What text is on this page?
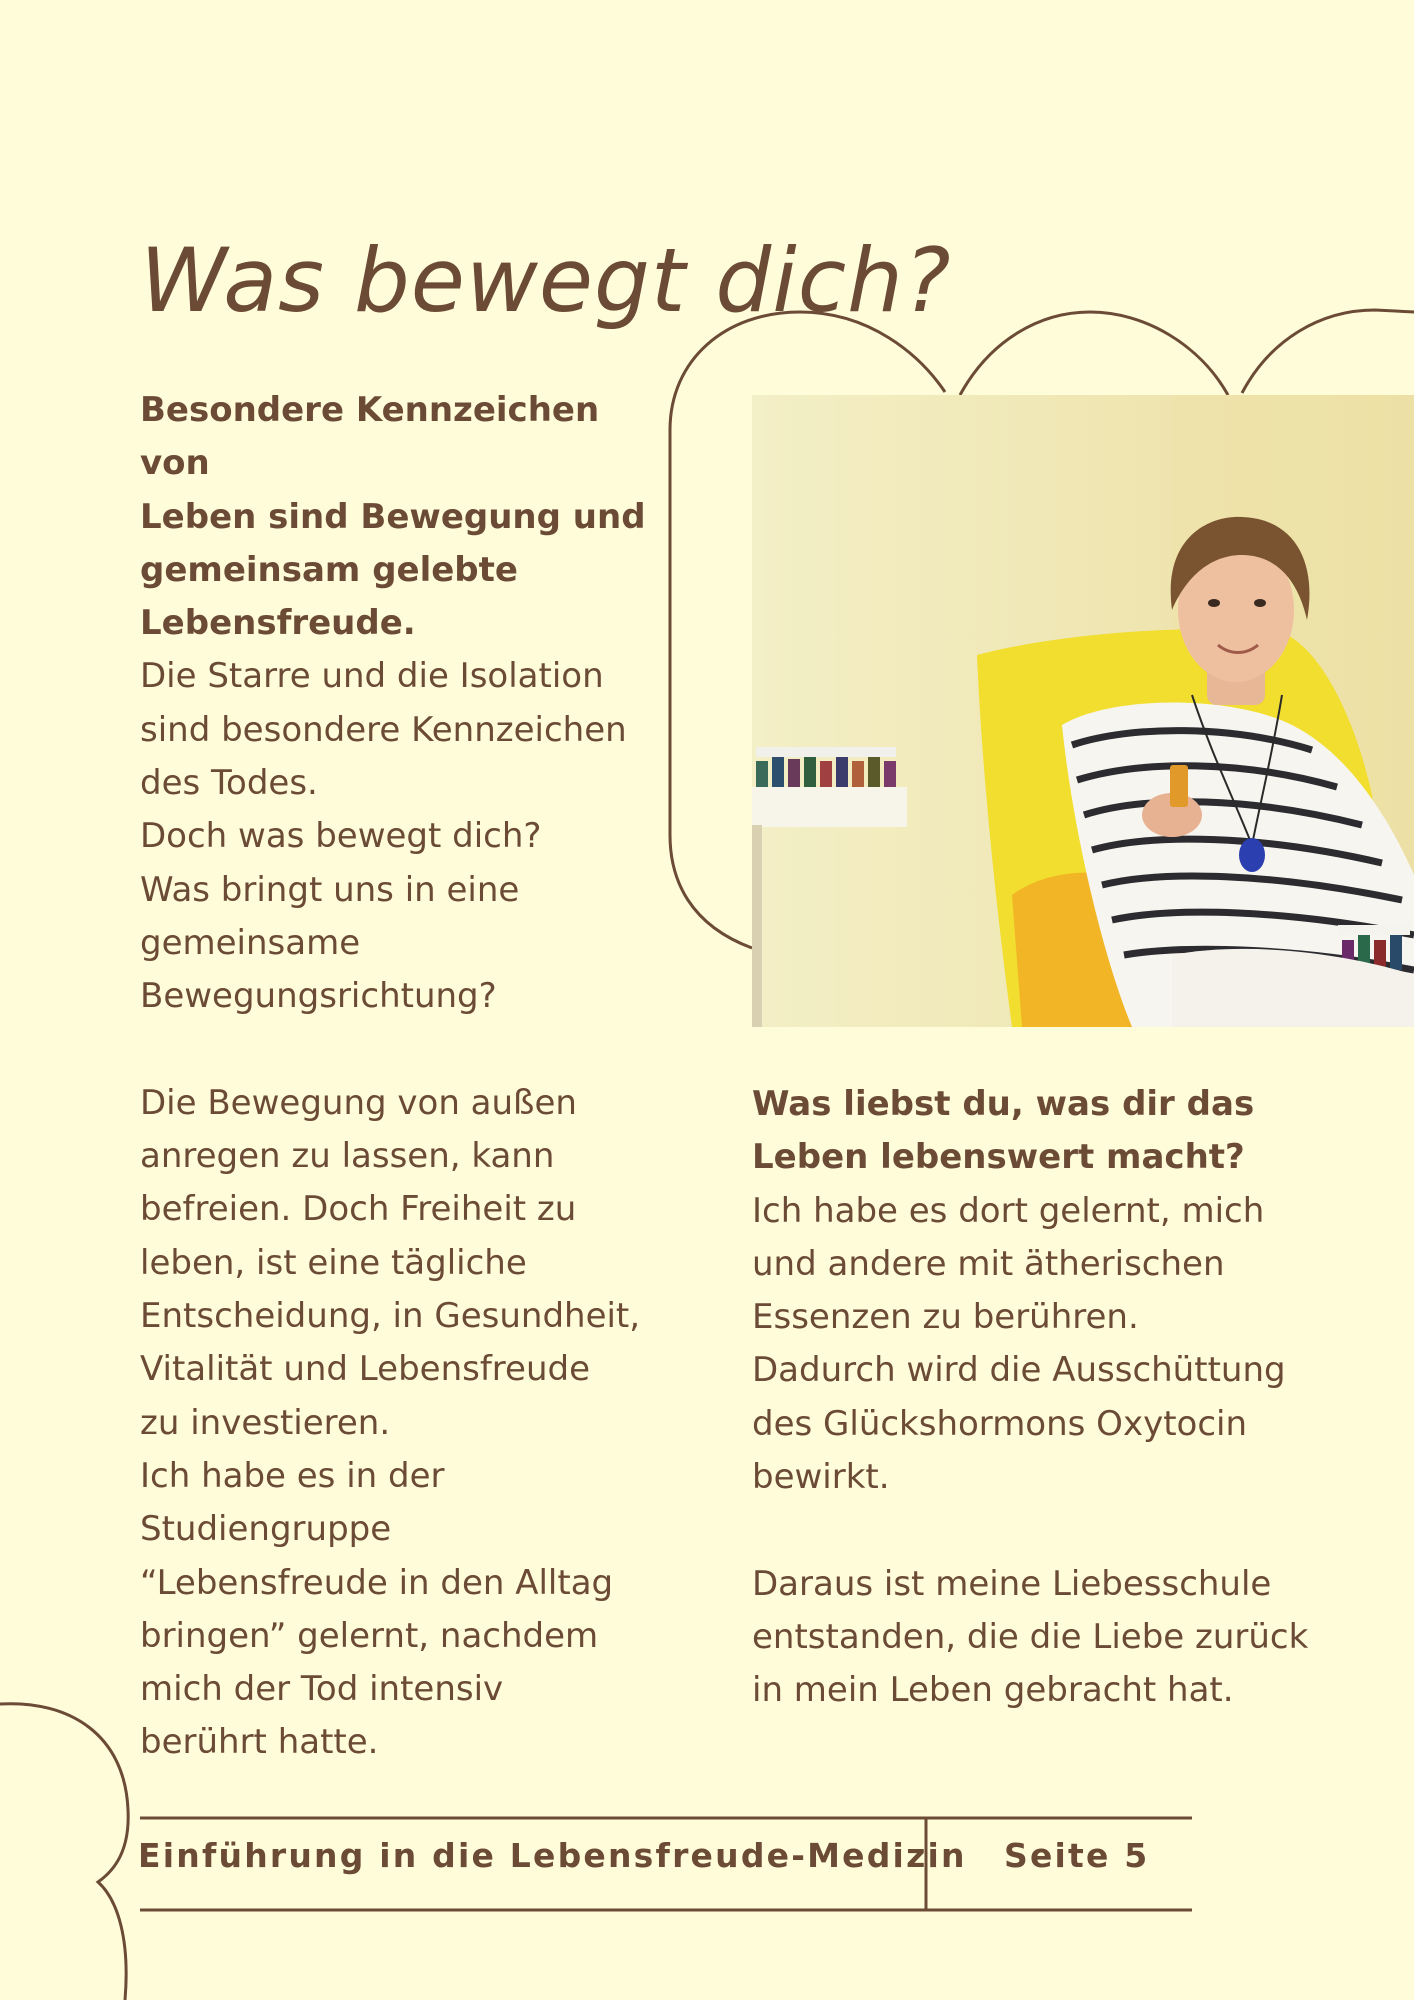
Was bewegt dich?

Besondere Kennzeichen von

Leben sind Bewegung und

gemeinsam gelebte

Lebensfreude.

Die Starre und die Isolation

sind besondere Kennzeichen

des Todes.

Doch was bewegt dich?

Was bringt uns in eine

gemeinsame

Bewegungsrichtung?

Die Bewegung von außen

anregen zu lassen, kann

befreien. Doch Freiheit zu

leben, ist eine tägliche

Entscheidung, in Gesundheit,

Vitalität und Lebensfreude

zu investieren.

Ich habe es in der

Studiengruppe

“Lebensfreude in den Alltag

bringen” gelernt, nachdem

mich der Tod intensiv

berührt hatte.

Was liebst du, was dir das

Leben lebenswert macht?

Ich habe es dort gelernt, mich

und andere mit ätherischen

Essenzen zu berühren.

Dadurch wird die Ausschüttung

des Glückshormons Oxytocin

bewirkt.

Daraus ist meine Liebesschule

entstanden, die die Liebe zurück

in mein Leben gebracht hat.

Einführung in die Lebensfreude-Medizin Seite 5
